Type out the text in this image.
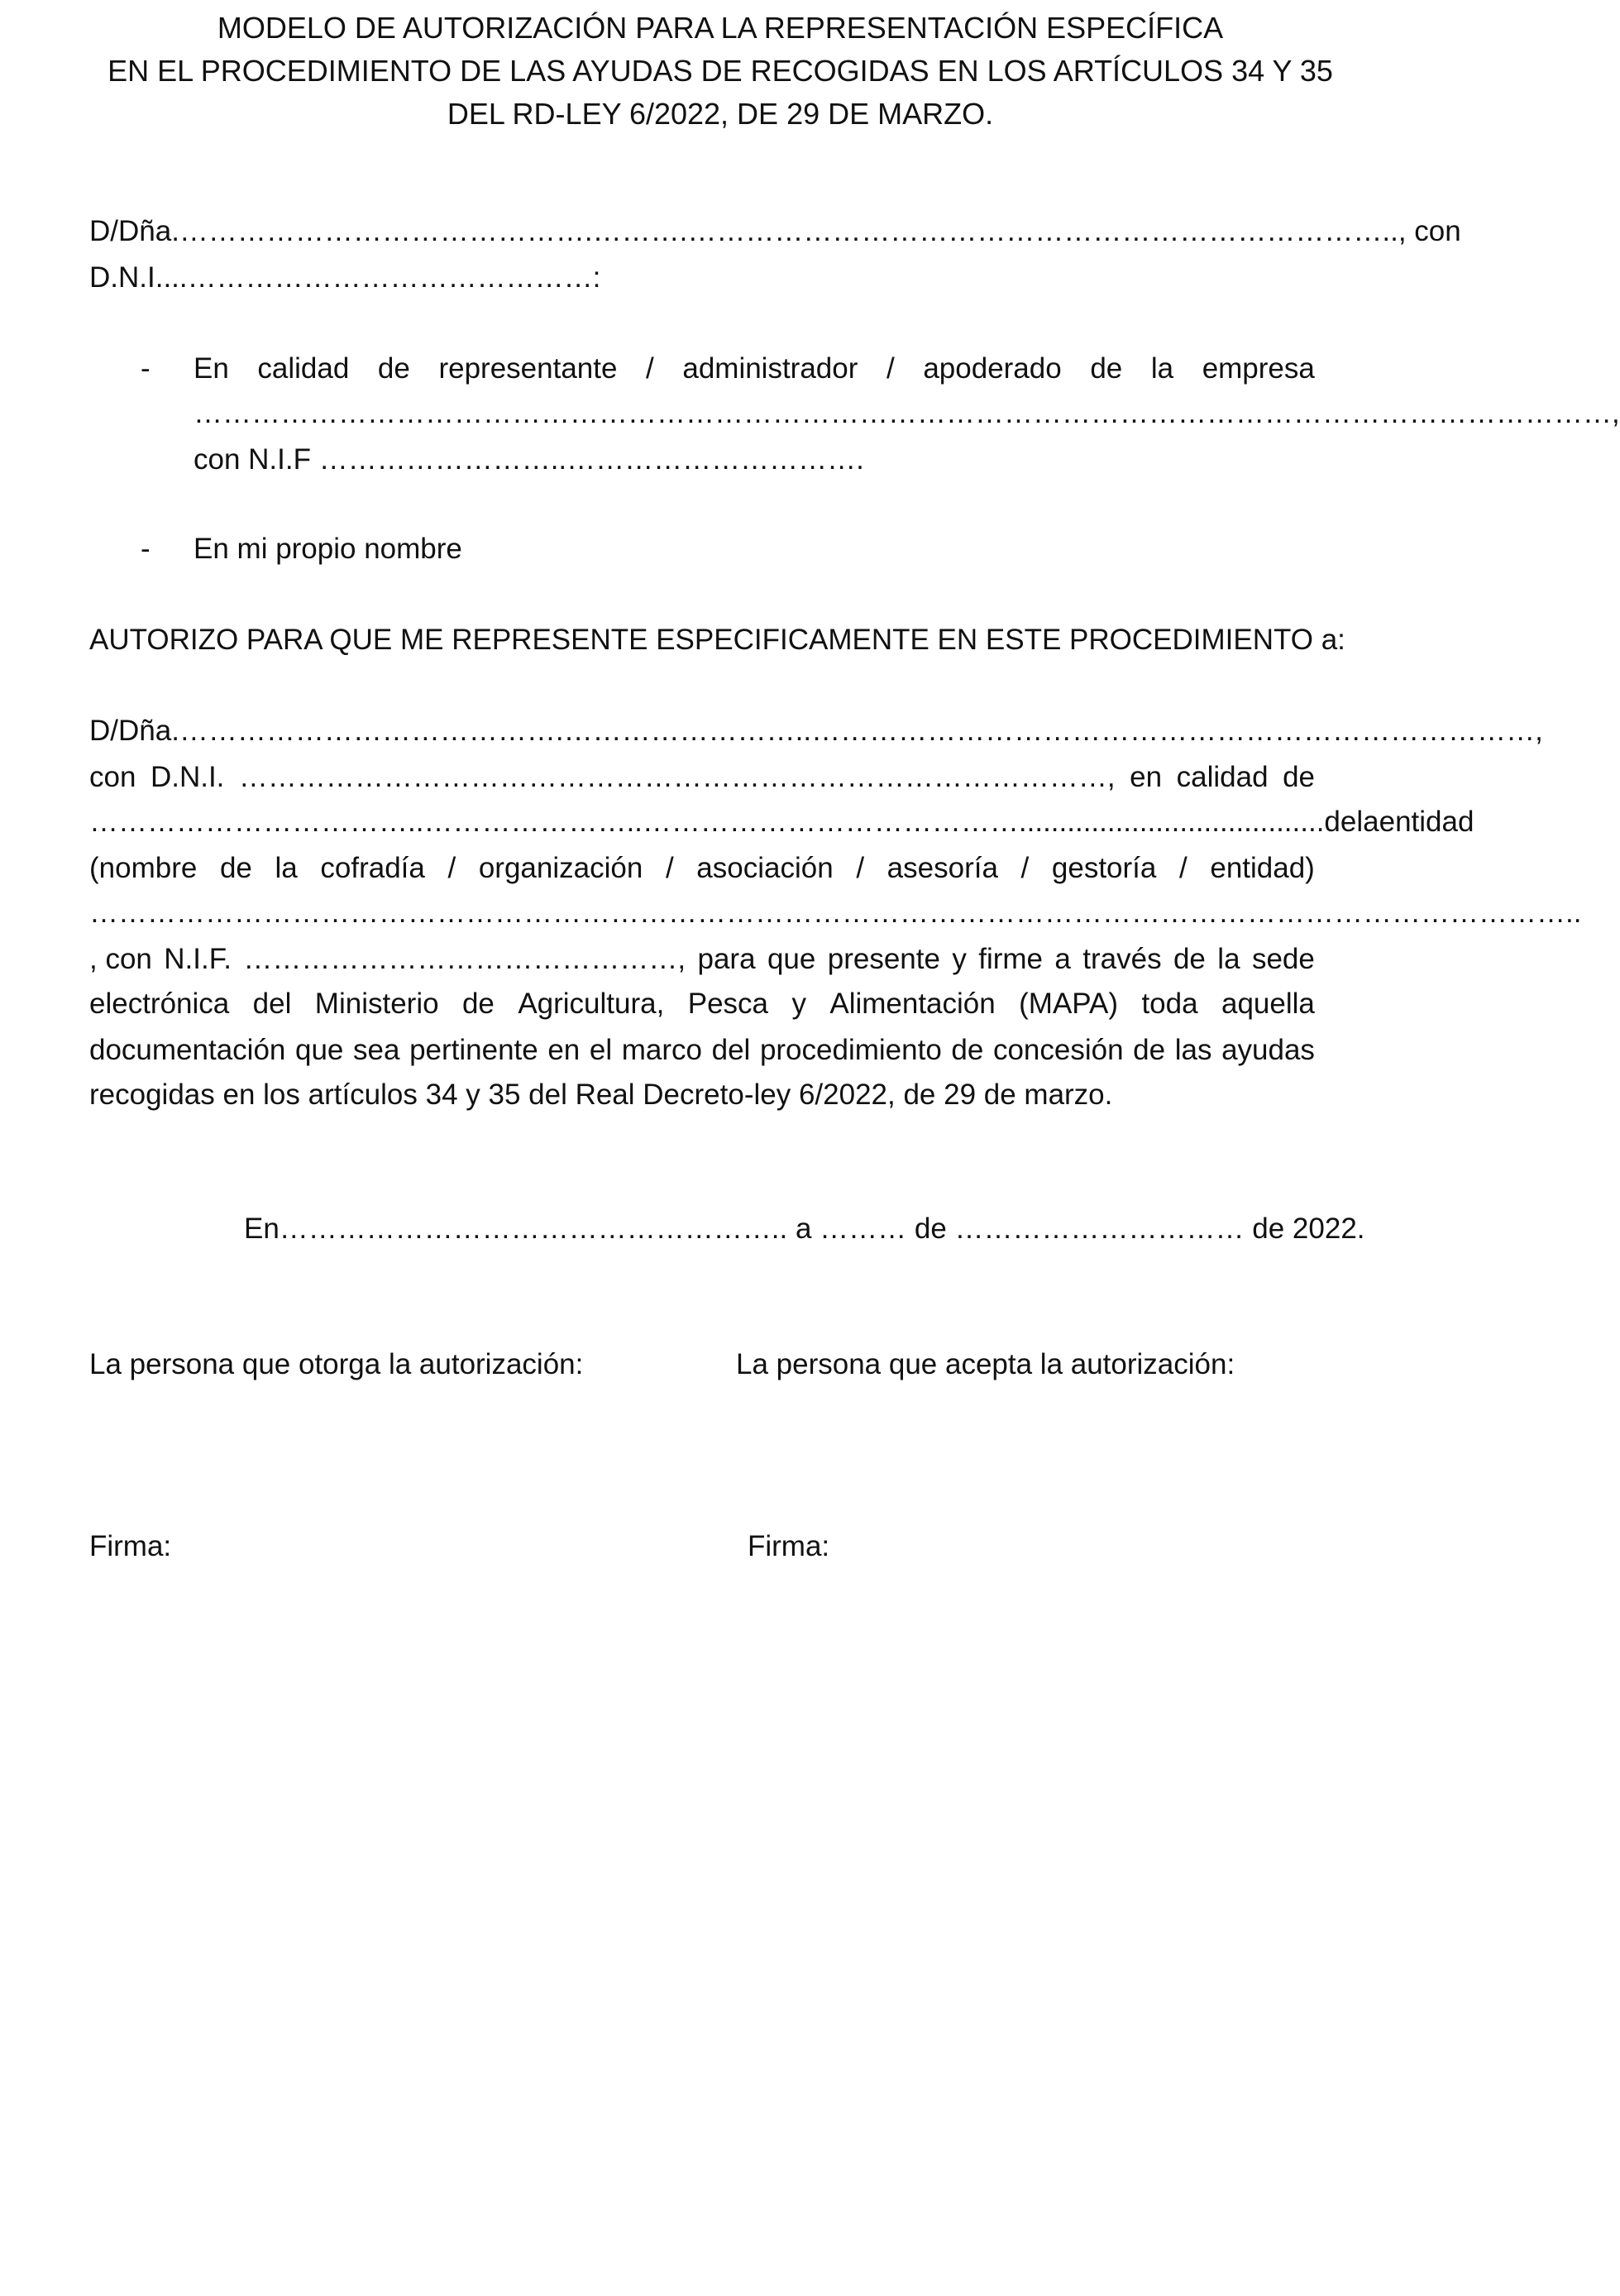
MODELO DE AUTORIZACIÓN PARA LA REPRESENTACIÓN ESPECÍFICA
EN EL PROCEDIMIENTO DE LAS AYUDAS DE RECOGIDAS EN LOS ARTÍCULOS 34 Y 35
DEL RD-LEY 6/2022, DE 29 DE MARZO.
D/Dña.…………………………………….……….……………………………………………………………….., con
D.N.I....……………………………………:
- En calidad de representante / administrador / apoderado de la empresa
…………………………………………………………………………………………………………………………………,
con N.I.F ……………………..………………………….
- En mi propio nombre
AUTORIZO PARA QUE ME REPRESENTE ESPECIFICAMENTE EN ESTE PROCEDIMIENTO a:
D/Dña.………………………………….……………………..…………………………………………………………………,
con D.N.I. ………………………………………………………………………………, en calidad de
……………………………..…………………..…………………………………...................................... de la entidad
(nombre de la cofradía / organización / asociación / asesoría / gestoría / entidad)
………………………………………………………………………………………………………………………………………..
, con N.I.F. ………………………………………, para que presente y firme a través de la sede
electrónica del Ministerio de Agricultura, Pesca y Alimentación (MAPA) toda aquella
documentación que sea pertinente en el marco del procedimiento de concesión de las ayudas
recogidas en los artículos 34 y 35 del Real Decreto-ley 6/2022, de 29 de marzo.
En…………………………………………….. a ……… de ………………………… de 2022.
La persona que otorga la autorización:	La persona que acepta la autorización:
Firma:	Firma:
